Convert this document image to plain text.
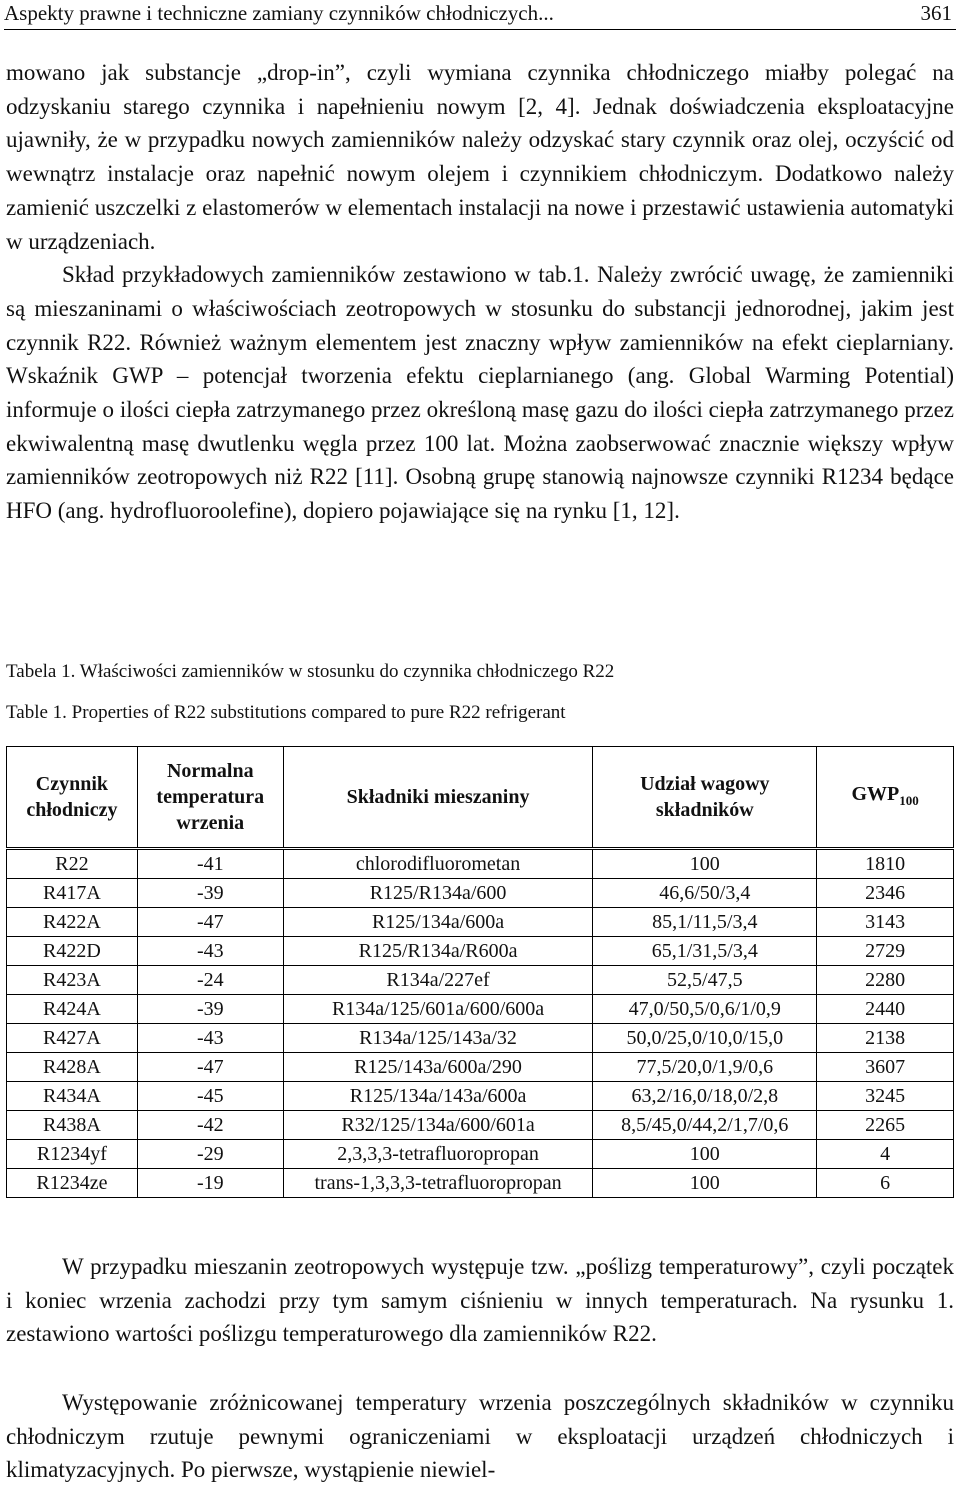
Aspekty prawne i techniczne zamiany czynników chłodniczych...	361
mowano jak substancje „drop-in”, czyli wymiana czynnika chłodniczego miałby polegać na odzyskaniu starego czynnika i napełnieniu nowym [2, 4]. Jednak doświadczenia eksploatacyjne ujawniły, że w przypadku nowych zamienników należy odzyskać stary czynnik oraz olej, oczyścić od wewnątrz instalacje oraz napełnić nowym olejem i czynnikiem chłodniczym. Dodatkowo należy zamienić uszczelki z elastomerów w elementach instalacji na nowe i przestawić ustawienia automatyki w urządzeniach.
Skład przykładowych zamienników zestawiono w tab.1. Należy zwrócić uwagę, że zamienniki są mieszaninami o właściwościach zeotropowych w stosunku do substancji jednorodnej, jakim jest czynnik R22. Również ważnym elementem jest znaczny wpływ zamienników na efekt cieplarniany. Wskaźnik GWP – potencjał tworzenia efektu cieplarnianego (ang. Global Warming Potential) informuje o ilości ciepła zatrzymanego przez określoną masę gazu do ilości ciepła zatrzymanego przez ekwiwalentną masę dwutlenku węgla przez 100 lat. Można zaobserwować znacznie większy wpływ zamienników zeotropowych niż R22 [11]. Osobną grupę stanowią najnowsze czynniki R1234 będące HFO (ang. hydrofluoroolefine), dopiero pojawiające się na rynku [1, 12].
Tabela 1. Właściwości zamienników w stosunku do czynnika chłodniczego R22
Table 1. Properties of R22 substitutions compared to pure R22 refrigerant
Czynnik chłodniczy	Normalna temperatura wrzenia	Składniki mieszaniny	Udział wagowy składników	$GWP_{100}$
R22	-41	chlorodifluorometan	100	1810
R417A	-39	R125/R134a/600	46,6/50/3,4	2346
R422A	-47	R125/134a/600a	85,1/11,5/3,4	3143
R422D	-43	R125/R134a/R600a	65,1/31,5/3,4	2729
R423A	-24	R134a/227ef	52,5/47,5	2280
R424A	-39	R134a/125/601a/600/600a	47,0/50,5/0,6/1/0,9	2440
R427A	-43	R134a/125/143a/32	50,0/25,0/10,0/15,0	2138
R428A	-47	R125/143a/600a/290	77,5/20,0/1,9/0,6	3607
R434A	-45	R125/134a/143a/600a	63,2/16,0/18,0/2,8	3245
R438A	-42	R32/125/134a/600/601a	8,5/45,0/44,2/1,7/0,6	2265
R1234yf	-29	2,3,3,3-tetrafluoropropan	100	4
R1234ze	-19	trans-1,3,3,3-tetrafluoropropan	100	6
W przypadku mieszanin zeotropowych występuje tzw. „poślizg temperaturowy”, czyli początek i koniec wrzenia zachodzi przy tym samym ciśnieniu w innych temperaturach. Na rysunku 1. zestawiono wartości poślizgu temperaturowego dla zamienników R22.
Występowanie zróżnicowanej temperatury wrzenia poszczególnych składników w czynniku chłodniczym rzutuje pewnymi ograniczeniami w eksploatacji urządzeń chłodniczych i klimatyzacyjnych. Po pierwsze, wystąpienie niewiel-
